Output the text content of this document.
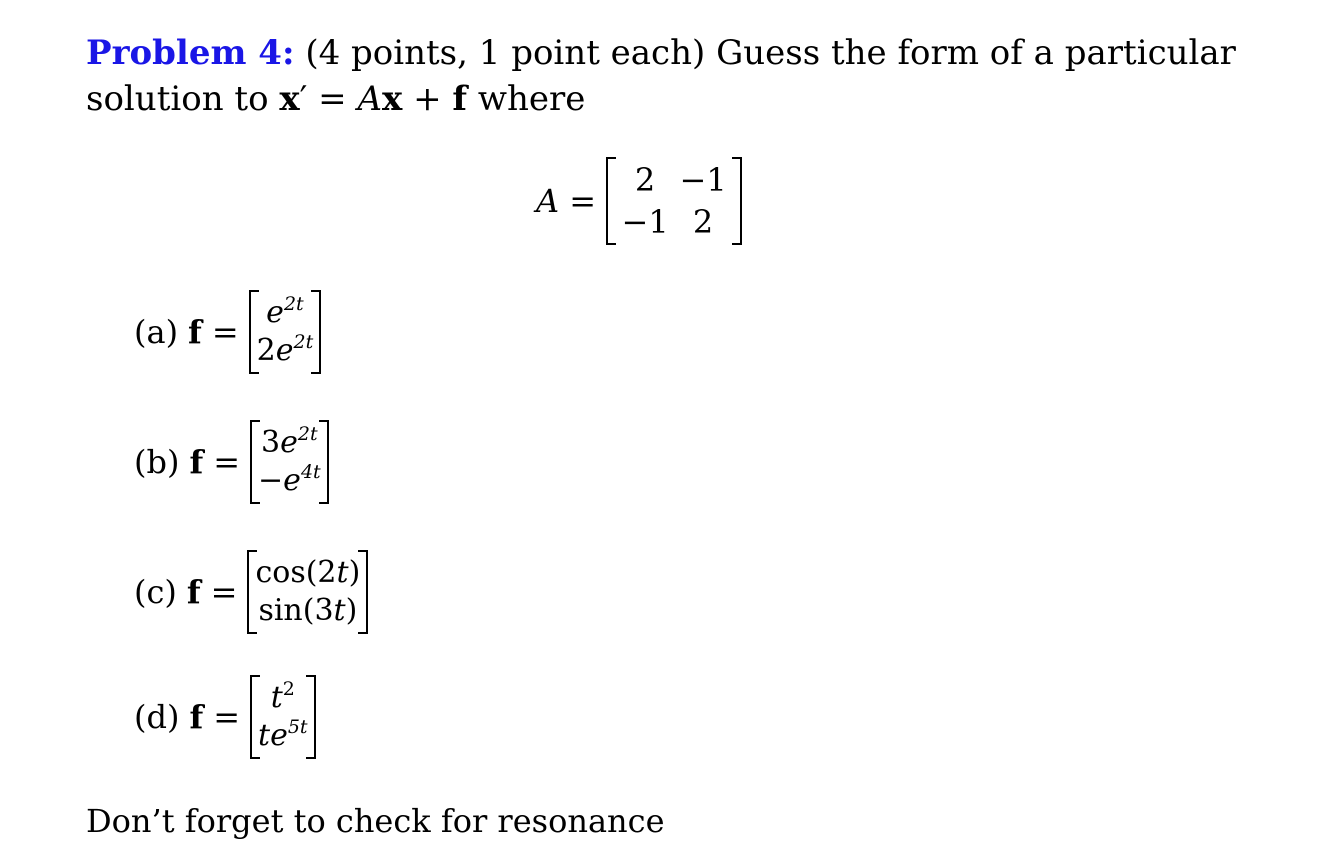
Problem 4: (4 points, 1 point each) Guess the form of a particular
solution to x′ = Ax + f where
A =
2 −1
−1 2
(a) f =
$e^{2t}$
$2e^{2t}$
(b) f =
$3e^{2t}$
$-e^{4t}$
(c) f =
cos(2t)
sin(3t)
(d) f =
$t^2$
$te^{5t}$
Don’t forget to check for resonance
